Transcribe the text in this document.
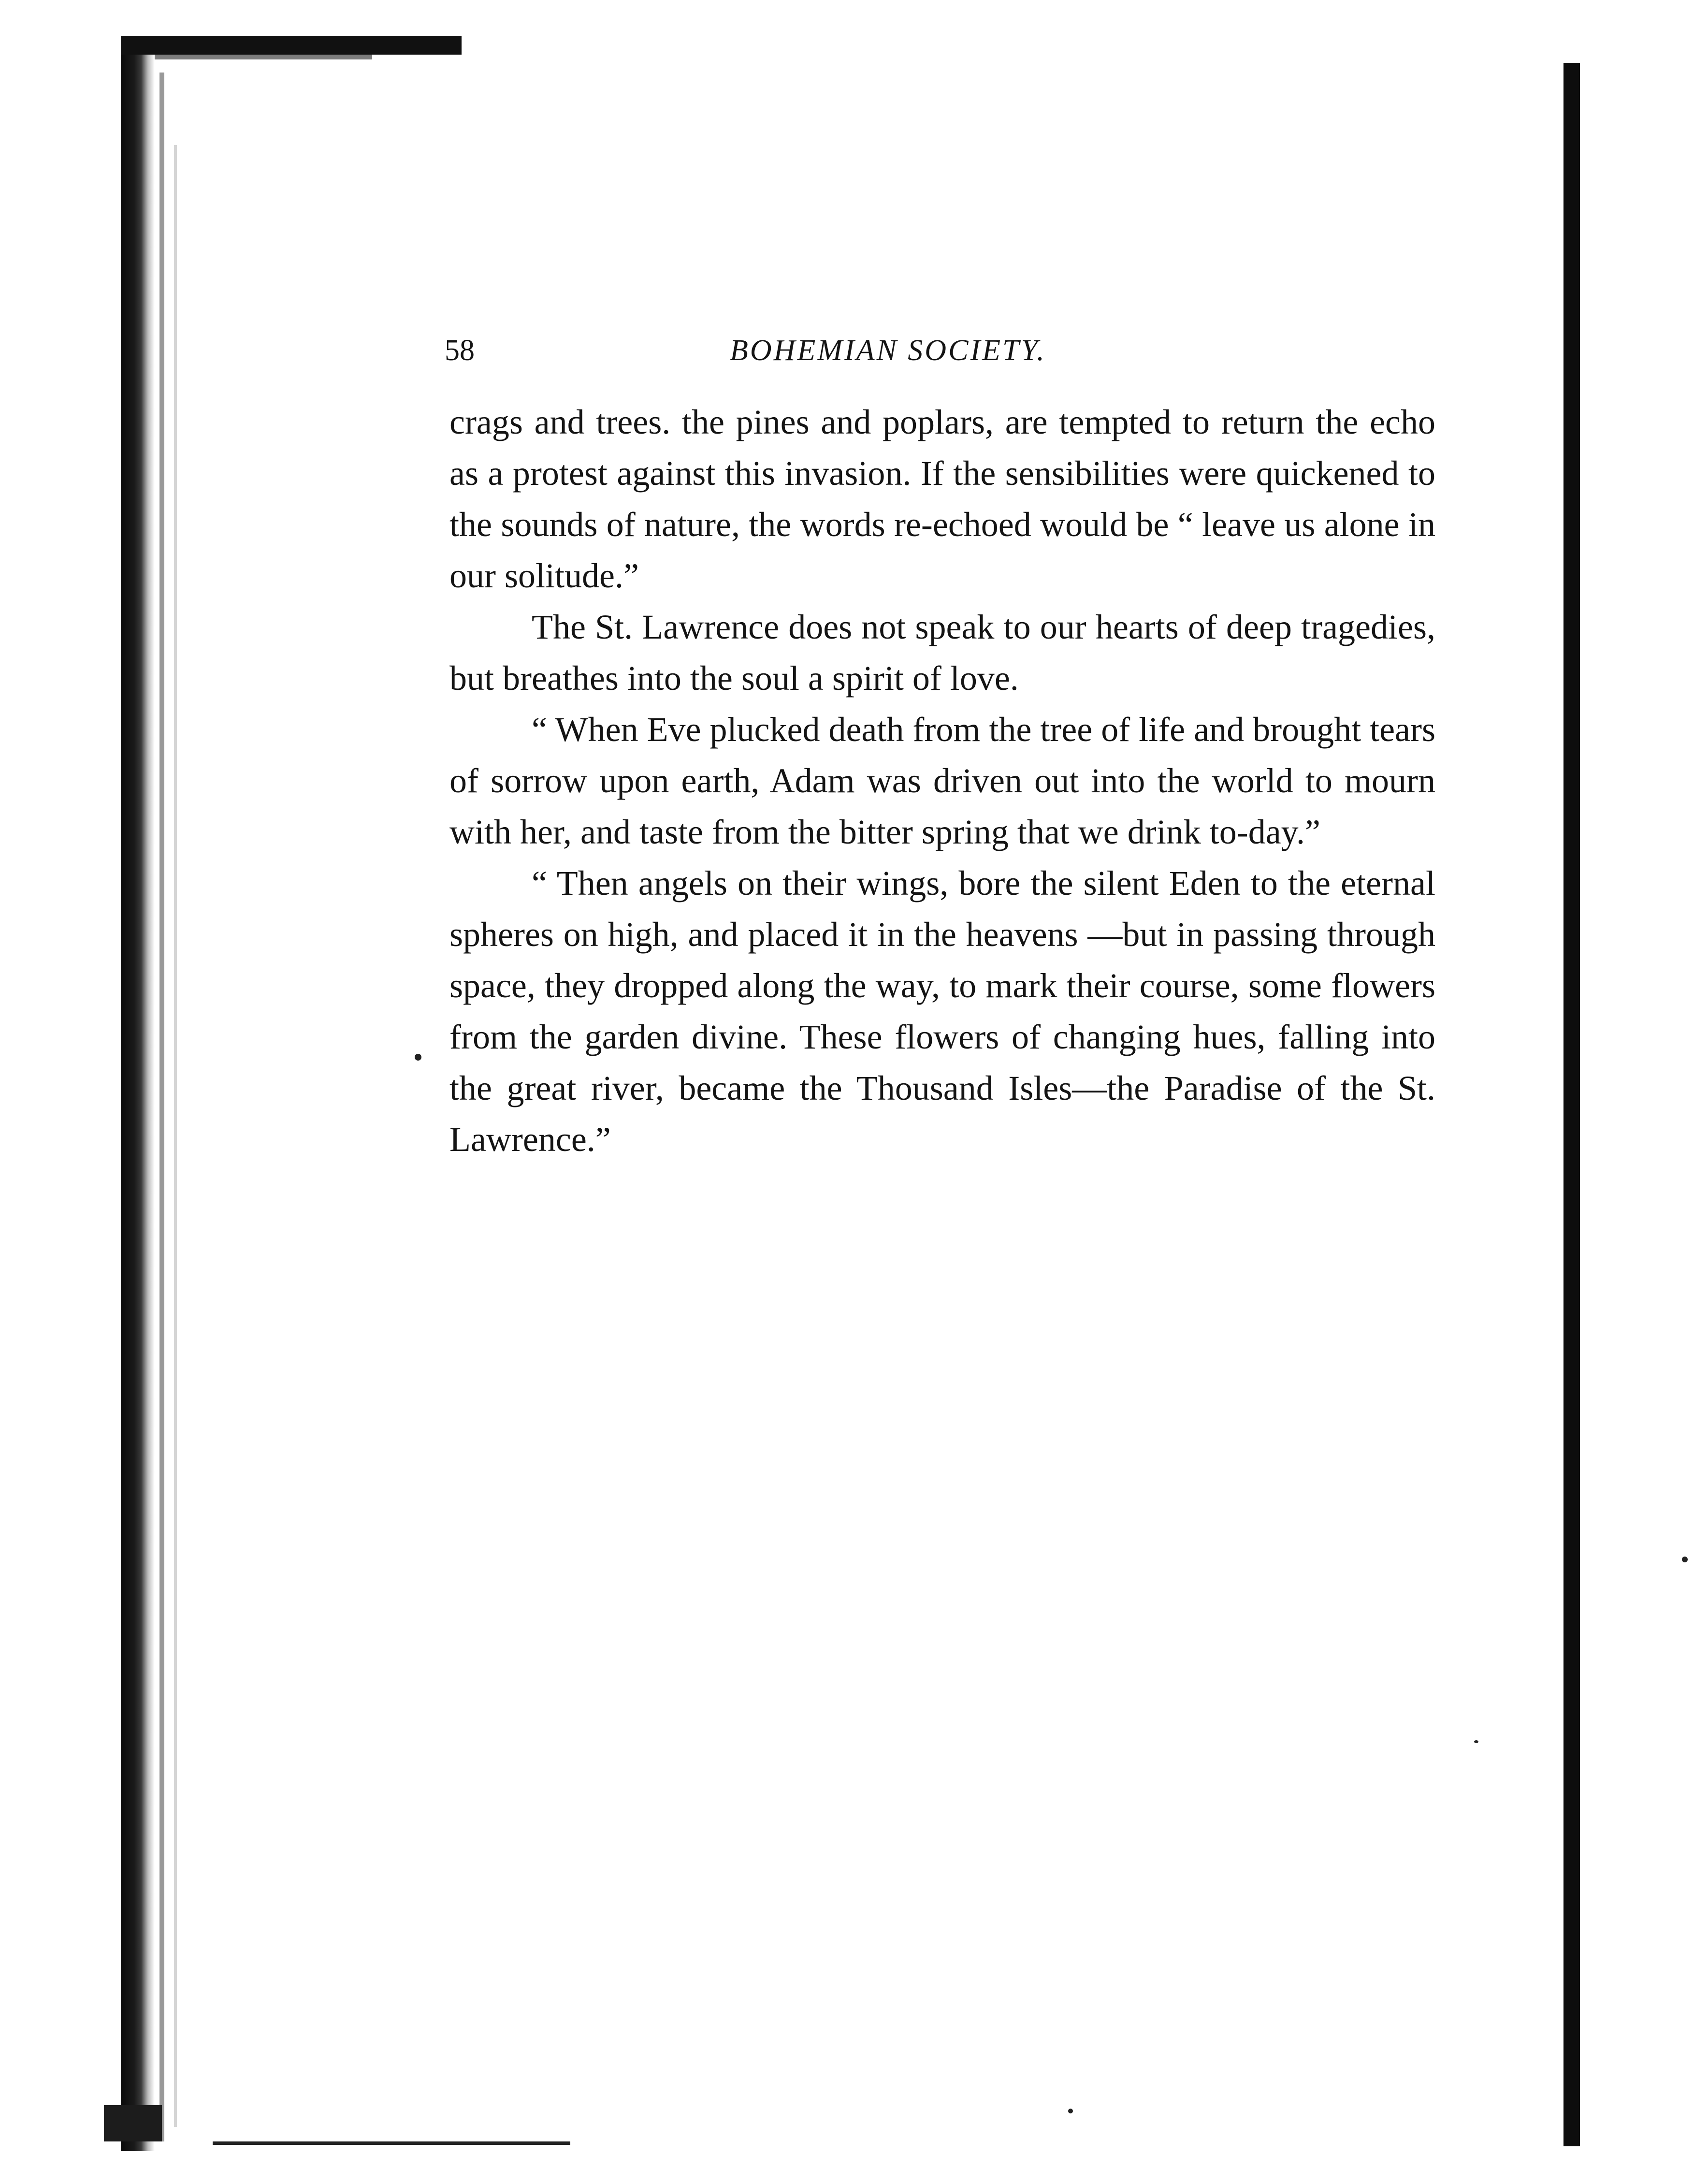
58	BOHEMIAN SOCIETY.

crags and trees. the pines and poplars, are tempted to return the echo as a protest against this invasion. If the sensibilities were quickened to the sounds of nature, the words re-echoed would be “ leave us alone in our solitude.”

The St. Lawrence does not speak to our hearts of deep tragedies, but breathes into the soul a spirit of love.

“ When Eve plucked death from the tree of life and brought tears of sorrow upon earth, Adam was driven out into the world to mourn with her, and taste from the bitter spring that we drink to-day.”

“ Then angels on their wings, bore the silent Eden to the eternal spheres on high, and placed it in the heavens —but in passing through space, they dropped along the way, to mark their course, some flowers from the garden divine. These flowers of changing hues, falling into the great river, became the Thousand Isles—the Paradise of the St. Lawrence.”
